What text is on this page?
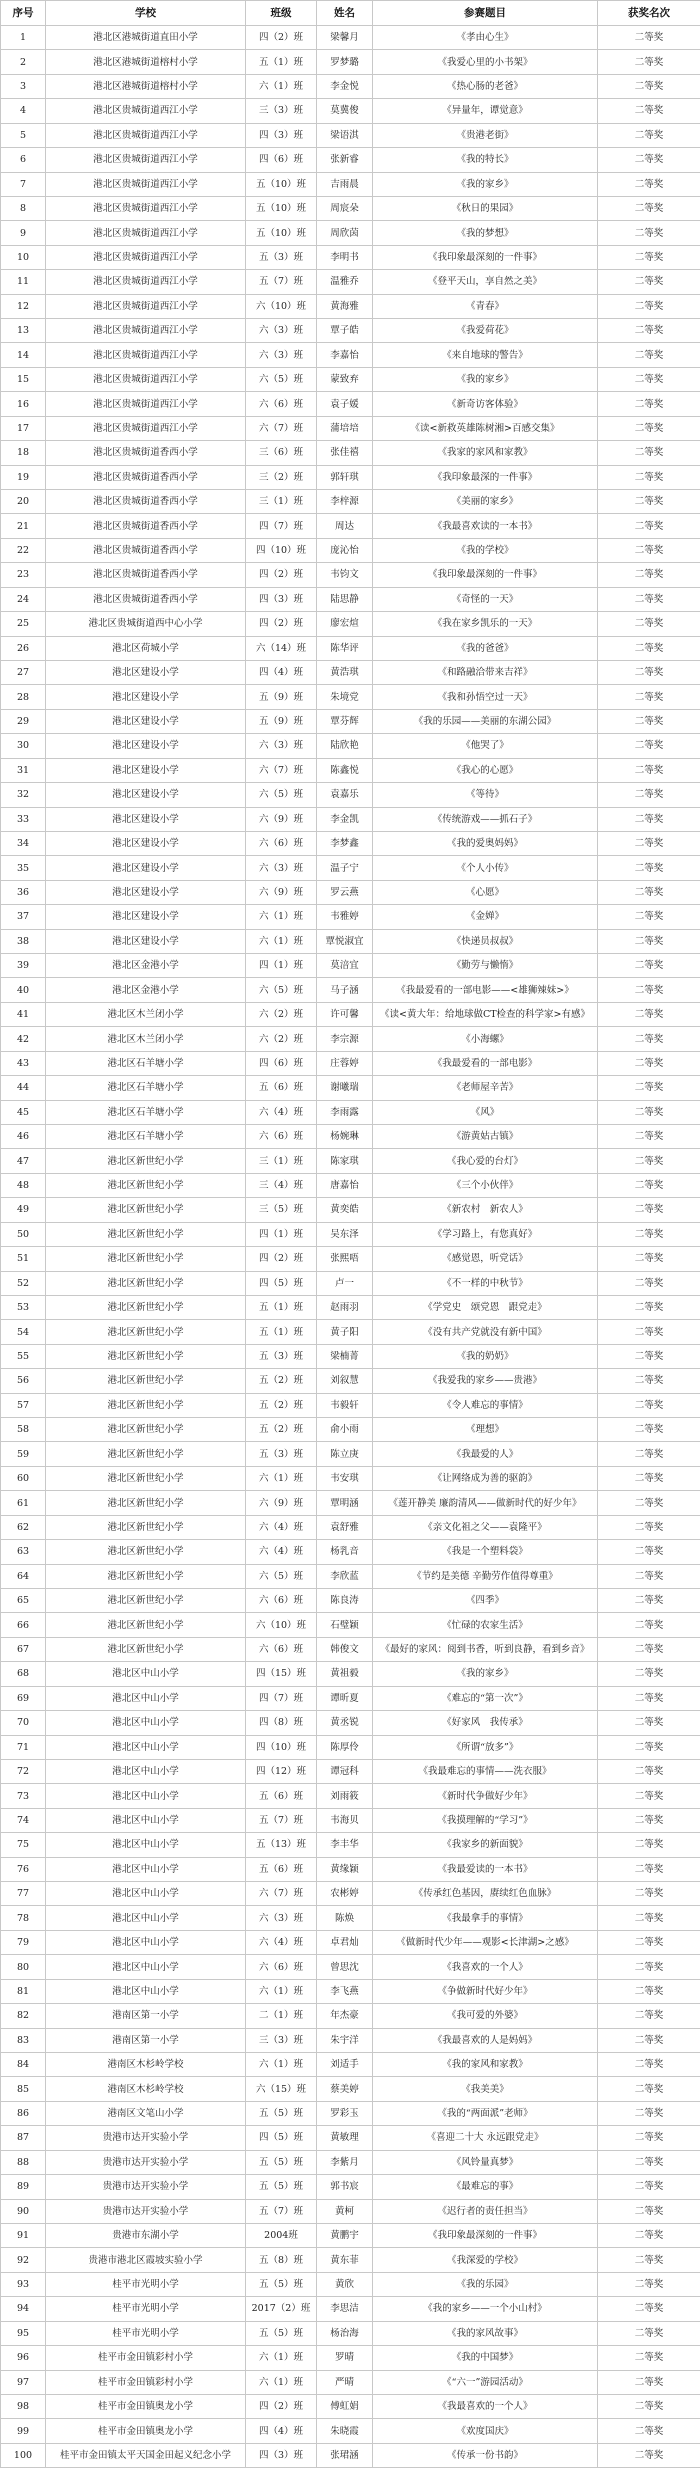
序号	学校	班级	姓名	参赛题目	获奖名次
1	港北区港城街道直田小学	四（2）班	梁馨月	《孝由心生》	二等奖
2	港北区港城街道榕村小学	五（1）班	罗梦璐	《我爱心里的小书架》	二等奖
3	港北区港城街道榕村小学	六（1）班	李金悦	《热心肠的老爸》	二等奖
4	港北区贵城街道西江小学	三（3）班	莫冀俊	《异量年，谭觉意》	二等奖
5	港北区贵城街道西江小学	四（3）班	梁语淇	《贵港老街》	二等奖
6	港北区贵城街道西江小学	四（6）班	张新睿	《我的特长》	二等奖
7	港北区贵城街道西江小学	五（10）班	吉雨晨	《我的家乡》	二等奖
8	港北区贵城街道西江小学	五（10）班	周宸朵	《秋日的果园》	二等奖
9	港北区贵城街道西江小学	五（10）班	周欣茵	《我的梦想》	二等奖
10	港北区贵城街道西江小学	五（3）班	李明书	《我印象最深刻的一件事》	二等奖
11	港北区贵城街道西江小学	五（7）班	温雅乔	《登平天山，享自然之美》	二等奖
12	港北区贵城街道西江小学	六（10）班	黄海雅	《青春》	二等奖
13	港北区贵城街道西江小学	六（3）班	覃子皓	《我爱荷花》	二等奖
14	港北区贵城街道西江小学	六（3）班	李嘉怡	《来自地球的警告》	二等奖
15	港北区贵城街道西江小学	六（5）班	蒙致弃	《我的家乡》	二等奖
16	港北区贵城街道西江小学	六（6）班	袁子媛	《新奇访客体验》	二等奖
17	港北区贵城街道西江小学	六（7）班	蒲培培	《读<新救英雄陈树湘>百感交集》	二等奖
18	港北区贵城街道香西小学	三（6）班	张佳禧	《我家的家风和家教》	二等奖
19	港北区贵城街道香西小学	三（2）班	郭轩琪	《我印象最深的一件事》	二等奖
20	港北区贵城街道香西小学	三（1）班	李梓源	《美丽的家乡》	二等奖
21	港北区贵城街道香西小学	四（7）班	周达	《我最喜欢读的一本书》	二等奖
22	港北区贵城街道香西小学	四（10）班	庞沁怡	《我的学校》	二等奖
23	港北区贵城街道香西小学	四（2）班	韦钧文	《我印象最深刻的一件事》	二等奖
24	港北区贵城街道香西小学	四（3）班	陆思静	《奇怪的一天》	二等奖
25	港北区贵城街道西中心小学	四（2）班	廖宏煊	《我在家乡凯乐的一天》	二等奖
26	港北区荷城小学	六（14）班	陈华评	《我的爸爸》	二等奖
27	港北区建设小学	四（4）班	黄浩琪	《和路融洽带来吉祥》	二等奖
28	港北区建设小学	五（9）班	朱境党	《我和孙悟空过一天》	二等奖
29	港北区建设小学	五（9）班	覃芬辉	《我的乐园——美丽的东湖公园》	二等奖
30	港北区建设小学	六（3）班	陆欣艳	《他哭了》	二等奖
31	港北区建设小学	六（7）班	陈鑫悦	《我心的心愿》	二等奖
32	港北区建设小学	六（5）班	袁嘉乐	《等待》	二等奖
33	港北区建设小学	六（9）班	李金凯	《传统游戏——抓石子》	二等奖
34	港北区建设小学	六（6）班	李梦鑫	《我的爱奥妈妈》	二等奖
35	港北区建设小学	六（3）班	温子宁	《个人小传》	二等奖
36	港北区建设小学	六（9）班	罗云燕	《心愿》	二等奖
37	港北区建设小学	六（1）班	韦雅婷	《金婵》	二等奖
38	港北区建设小学	六（1）班	覃悦淑宜	《快递员叔叔》	二等奖
39	港北区金港小学	四（1）班	莫涪宜	《勤劳与懒惰》	二等奖
40	港北区金港小学	六（5）班	马子涵	《我最爱看的一部电影——<雄狮辣妹>》	二等奖
41	港北区木兰闭小学	六（2）班	许可馨	《读<黄大年：给地球做CT检查的科学家>有感》	二等奖
42	港北区木兰闭小学	六（2）班	李宗源	《小海螺》	二等奖
43	港北区石羊塘小学	四（6）班	庄蓉婷	《我最爱看的一部电影》	二等奖
44	港北区石羊塘小学	五（6）班	谢曦瑞	《老师屋辛苦》	二等奖
45	港北区石羊塘小学	六（4）班	李雨露	《风》	二等奖
46	港北区石羊塘小学	六（6）班	杨婉琳	《游黄姑古镇》	二等奖
47	港北区新世纪小学	三（1）班	陈家琪	《我心爱的台灯》	二等奖
48	港北区新世纪小学	三（4）班	唐嘉怡	《三个小伙伴》	二等奖
49	港北区新世纪小学	三（5）班	黄奕皓	《新农村　新农人》	二等奖
50	港北区新世纪小学	四（1）班	吴东泽	《学习路上，有您真好》	二等奖
51	港北区新世纪小学	四（2）班	张熙唔	《感觉恩，听党话》	二等奖
52	港北区新世纪小学	四（5）班	卢一	《不一样的中秋节》	二等奖
53	港北区新世纪小学	五（1）班	赵雨羽	《学党史　颂党恩　跟党走》	二等奖
54	港北区新世纪小学	五（1）班	黄子阳	《没有共产党就没有新中国》	二等奖
55	港北区新世纪小学	五（3）班	梁楠菁	《我的奶奶》	二等奖
56	港北区新世纪小学	五（2）班	刘叙慧	《我爱我的家乡——贵港》	二等奖
57	港北区新世纪小学	五（2）班	韦毅轩	《令人难忘的事情》	二等奖
58	港北区新世纪小学	五（2）班	俞小雨	《理想》	二等奖
59	港北区新世纪小学	五（3）班	陈立庚	《我最爱的人》	二等奖
60	港北区新世纪小学	六（1）班	韦安琪	《让网络成为善的驱韵》	二等奖
61	港北区新世纪小学	六（9）班	覃明涵	《莲开静美 廉韵清风——做新时代的好少年》	二等奖
62	港北区新世纪小学	六（4）班	袁舒雅	《亲文化祖之父——袁隆平》	二等奖
63	港北区新世纪小学	六（4）班	杨乳音	《我是一个塑料袋》	二等奖
64	港北区新世纪小学	六（5）班	李欣蓝	《节约是美德 辛勤劳作值得尊重》	二等奖
65	港北区新世纪小学	六（6）班	陈良涛	《四季》	二等奖
66	港北区新世纪小学	六（10）班	石璧颖	《忙碌的农家生活》	二等奖
67	港北区新世纪小学	六（6）班	韩俊文	《最好的家风：阅到书香，听到良静，看到乡音》	二等奖
68	港北区中山小学	四（15）班	黄祖毅	《我的家乡》	二等奖
69	港北区中山小学	四（7）班	谭昕夏	《难忘的“第一次”》	二等奖
70	港北区中山小学	四（8）班	黄丞锐	《好家风　我传承》	二等奖
71	港北区中山小学	四（10）班	陈厚伶	《所谓“放多”》	二等奖
72	港北区中山小学	四（12）班	谭冠科	《我最难忘的事情——洗衣服》	二等奖
73	港北区中山小学	五（6）班	刘雨筱	《新时代争做好少年》	二等奖
74	港北区中山小学	五（7）班	韦海贝	《我摸理解的“学习”》	二等奖
75	港北区中山小学	五（13）班	李丰华	《我家乡的新面貌》	二等奖
76	港北区中山小学	五（6）班	黄缘颖	《我最爱读的一本书》	二等奖
77	港北区中山小学	六（7）班	农彬婷	《传承红色基因，赓续红色血脉》	二等奖
78	港北区中山小学	六（3）班	陈焕	《我最拿手的事情》	二等奖
79	港北区中山小学	六（4）班	卓君灿	《做新时代少年——观影<长津湖>之感》	二等奖
80	港北区中山小学	六（6）班	曾思沈	《我喜欢的一个人》	二等奖
81	港北区中山小学	六（1）班	李飞燕	《争做新时代好少年》	二等奖
82	港南区第一小学	二（1）班	年杰豪	《我可爱的外婆》	二等奖
83	港南区第一小学	三（3）班	朱宇洋	《我最喜欢的人是妈妈》	二等奖
84	港南区木杉岭学校	六（1）班	刘适手	《我的家风和家教》	二等奖
85	港南区木杉岭学校	六（15）班	蔡美婷	《我美美》	二等奖
86	港南区文笔山小学	五（5）班	罗彩玉	《我的“两面派”老师》	二等奖
87	贵港市达开实验小学	四（5）班	黄敏理	《喜迎二十大 永远跟党走》	二等奖
88	贵港市达开实验小学	五（5）班	李紫月	《风铃量真梦》	二等奖
89	贵港市达开实验小学	五（5）班	郭书宸	《最难忘的事》	二等奖
90	贵港市达开实验小学	五（7）班	黄柯	《迟行者的责任担当》	二等奖
91	贵港市东湖小学	2004班	黄鹏宇	《我印象最深刻的一件事》	二等奖
92	贵港市港北区霞坡实验小学	五（8）班	黄东菲	《我深爱的学校》	二等奖
93	桂平市光明小学	五（5）班	黄欣	《我的乐园》	二等奖
94	桂平市光明小学	2017（2）班	李思洁	《我的家乡——一个小山村》	二等奖
95	桂平市光明小学	五（5）班	杨治海	《我的家风故事》	二等奖
96	桂平市金田镇彩村小学	六（1）班	罗晴	《我的中国梦》	二等奖
97	桂平市金田镇彩村小学	六（1）班	严晴	《“六一”游园活动》	二等奖
98	桂平市金田镇奥龙小学	四（2）班	傅虹娟	《我最喜欢的一个人》	二等奖
99	桂平市金田镇奥龙小学	四（4）班	朱晓霞	《欢度国庆》	二等奖
100	桂平市金田镇太平天国金田起义纪念小学	四（3）班	张珺涵	《传承一份书韵》	二等奖
